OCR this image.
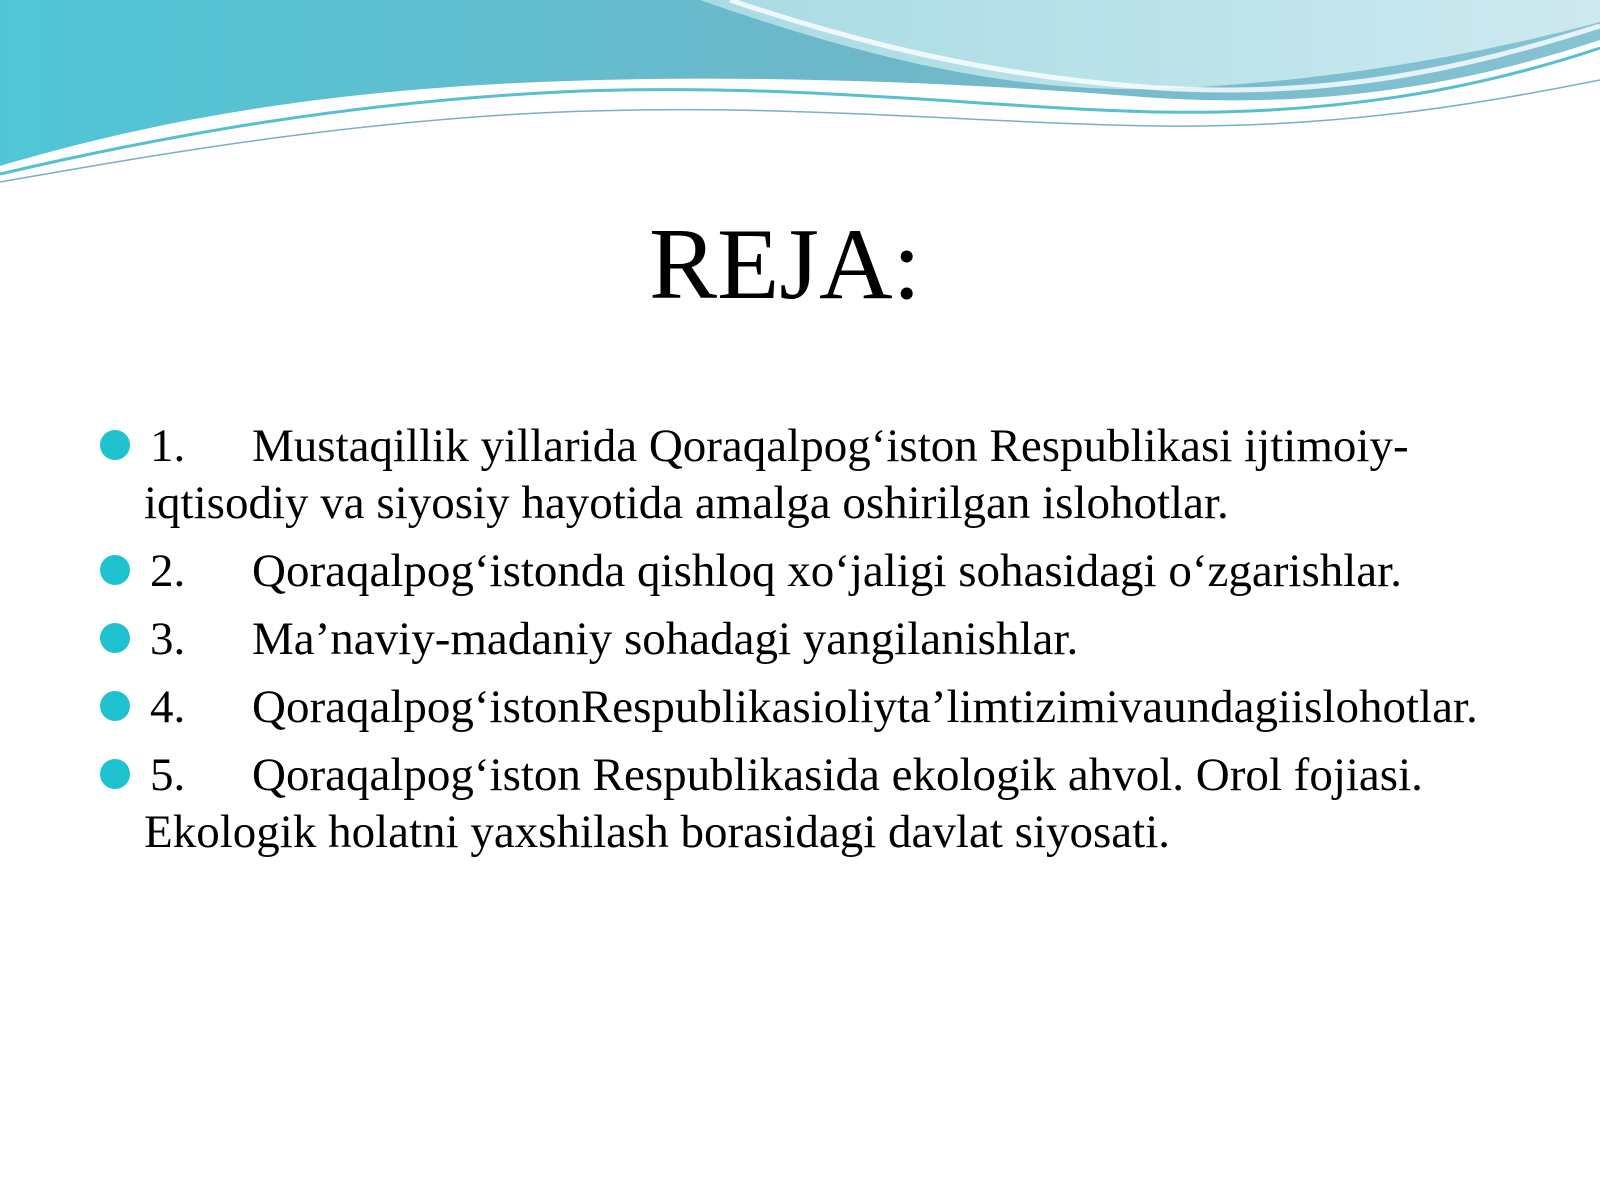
REJA:
1. Mustaqillik yillarida Qoraqalpog‘iston Respublikasi ijtimoiy-iqtisodiy va siyosiy hayotida amalga oshirilgan islohotlar.
2. Qoraqalpog‘istonda qishloq xo‘jaligi sohasidagi o‘zgarishlar.
3. Ma’naviy-madaniy sohadagi yangilanishlar.
4. Qoraqalpog‘istonRespublikasioliyta’limtizimivaundagiislohotlar.
5. Qoraqalpog‘iston Respublikasida ekologik ahvol. Orol fojiasi. Ekologik holatni yaxshilash borasidagi davlat siyosati.
